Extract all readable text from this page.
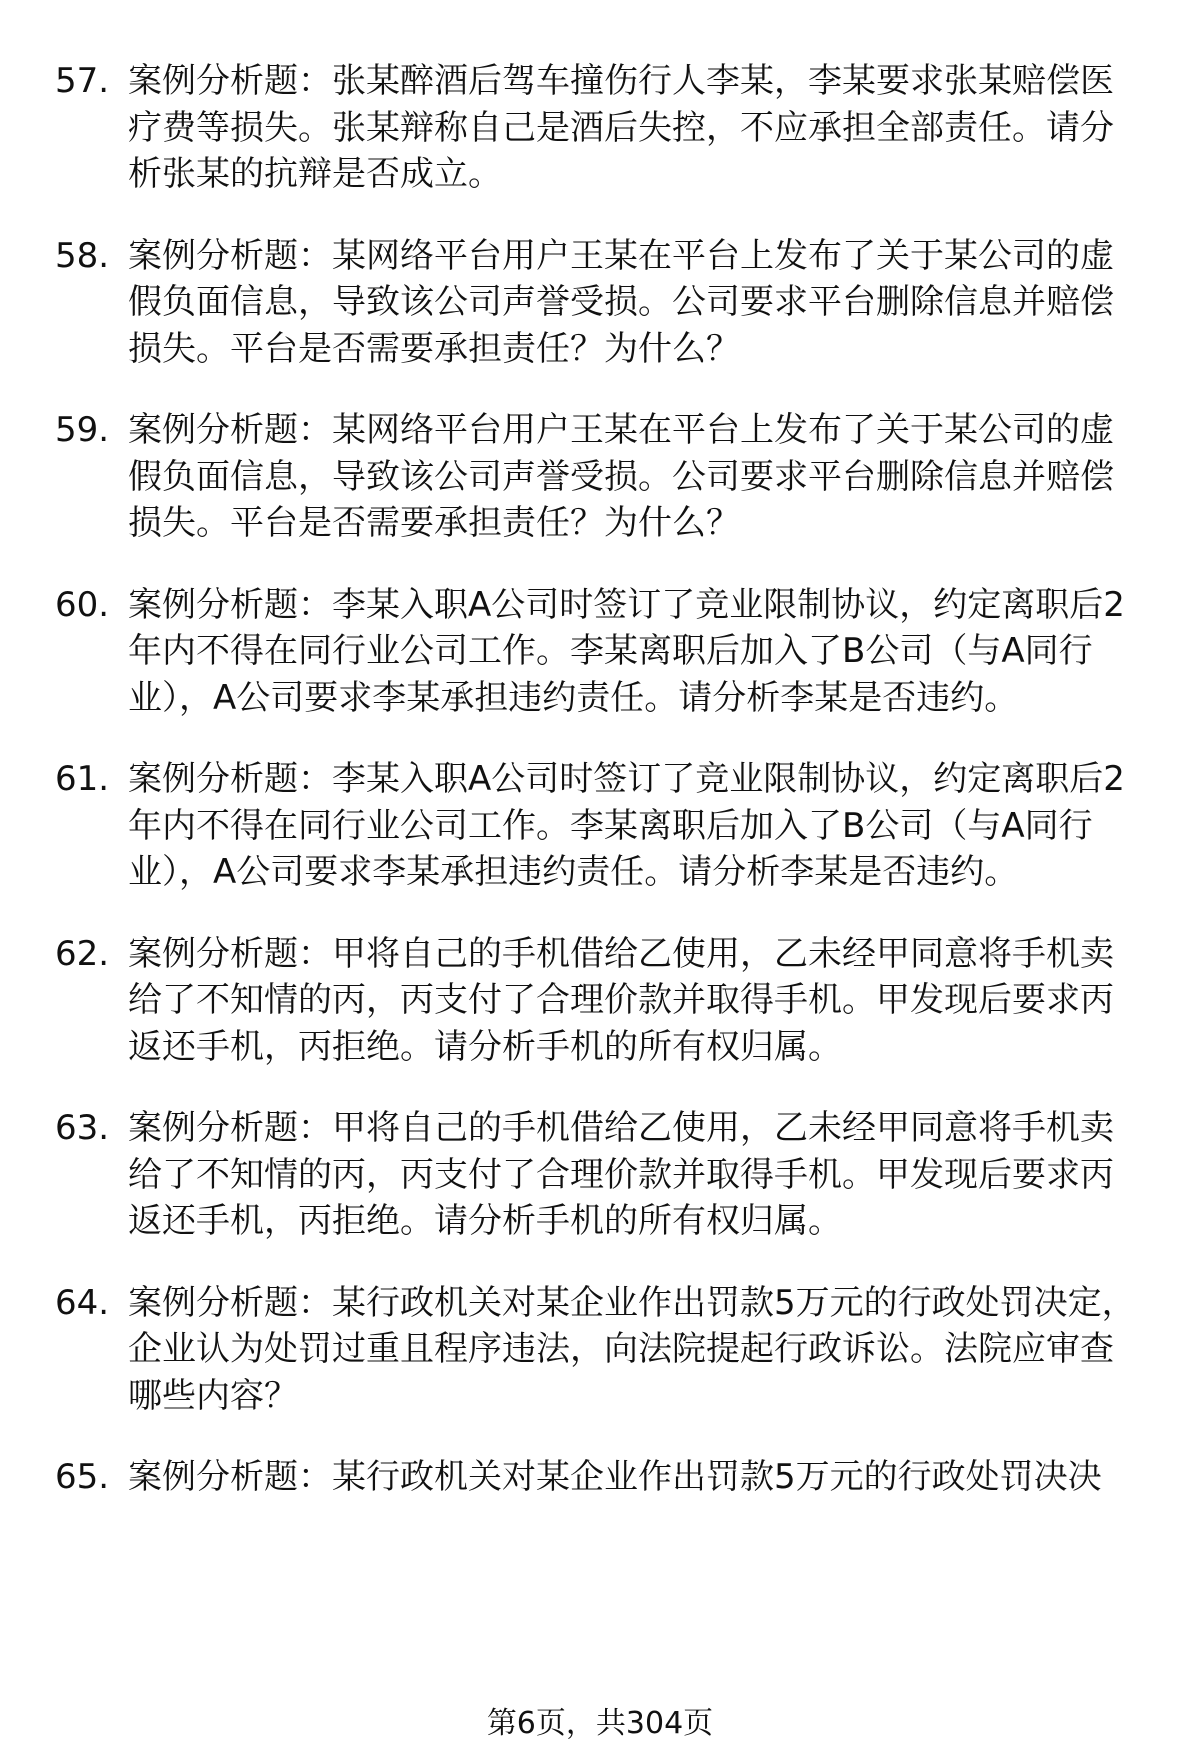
57. 案例分析题：张某醉酒后驾车撞伤行人李某，李某要求张某赔偿医疗费等损失。张某辩称自己是酒后失控，不应承担全部责任。请分析张某的抗辩是否成立。
58. 案例分析题：某网络平台用户王某在平台上发布了关于某公司的虚假负面信息，导致该公司声誉受损。公司要求平台删除信息并赔偿损失。平台是否需要承担责任？为什么？
59. 案例分析题：某网络平台用户王某在平台上发布了关于某公司的虚假负面信息，导致该公司声誉受损。公司要求平台删除信息并赔偿损失。平台是否需要承担责任？为什么？
60. 案例分析题：李某入职A公司时签订了竞业限制协议，约定离职后2年内不得在同行业公司工作。李某离职后加入了B公司（与A同行业），A公司要求李某承担违约责任。请分析李某是否违约。
61. 案例分析题：李某入职A公司时签订了竞业限制协议，约定离职后2年内不得在同行业公司工作。李某离职后加入了B公司（与A同行业），A公司要求李某承担违约责任。请分析李某是否违约。
62. 案例分析题：甲将自己的手机借给乙使用，乙未经甲同意将手机卖给了不知情的丙，丙支付了合理价款并取得手机。甲发现后要求丙返还手机，丙拒绝。请分析手机的所有权归属。
63. 案例分析题：甲将自己的手机借给乙使用，乙未经甲同意将手机卖给了不知情的丙，丙支付了合理价款并取得手机。甲发现后要求丙返还手机，丙拒绝。请分析手机的所有权归属。
64. 案例分析题：某行政机关对某企业作出罚款5万元的行政处罚决定，企业认为处罚过重且程序违法，向法院提起行政诉讼。法院应审查哪些内容？
65. 案例分析题：某行政机关对某企业作出罚款5万元的行政处罚决决
第6页，共304页
